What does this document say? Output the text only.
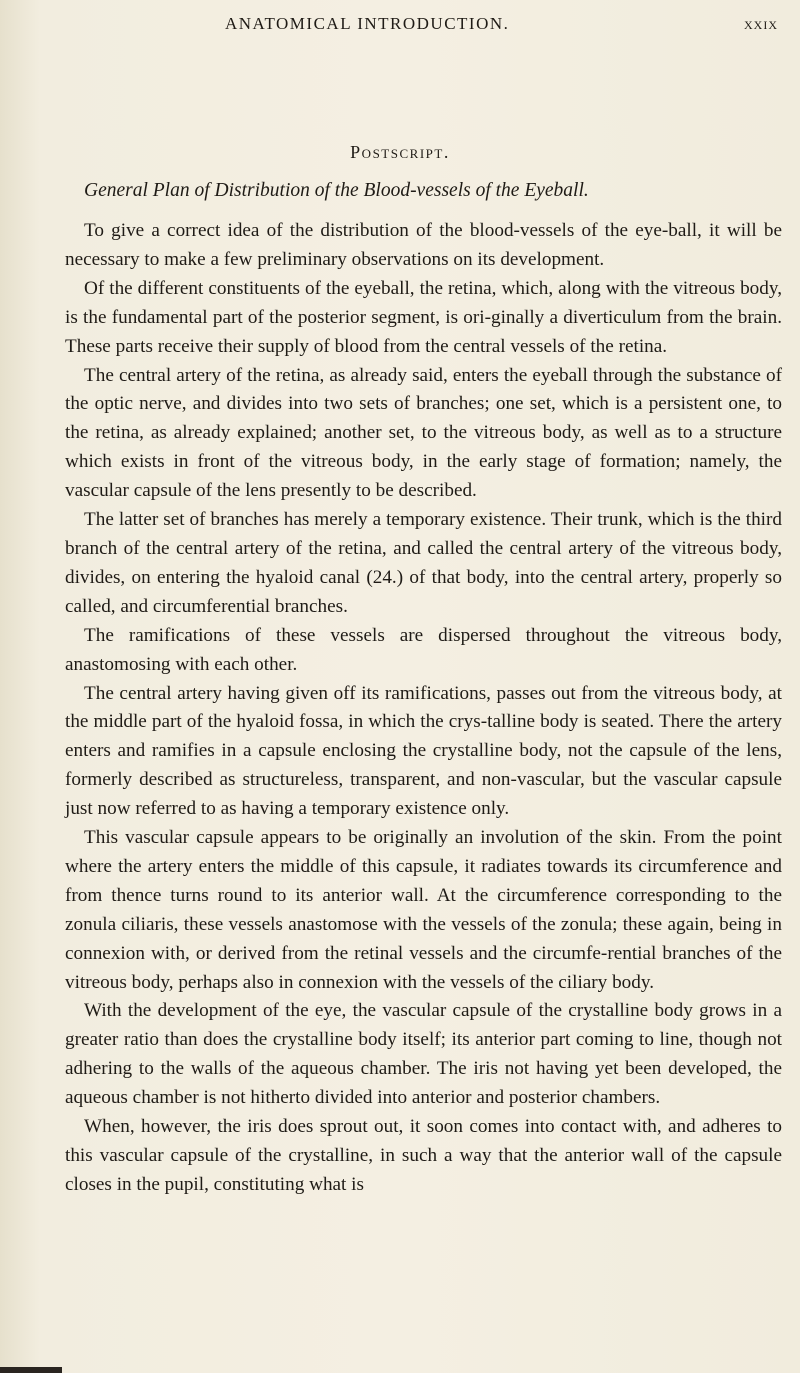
ANATOMICAL INTRODUCTION.	xxix
Postscript.
General Plan of Distribution of the Blood-vessels of the Eyeball.

To give a correct idea of the distribution of the blood-vessels of the eye-ball, it will be necessary to make a few preliminary observations on its development.

Of the different constituents of the eyeball, the retina, which, along with the vitreous body, is the fundamental part of the posterior segment, is ori-ginally a diverticulum from the brain. These parts receive their supply of blood from the central vessels of the retina.

The central artery of the retina, as already said, enters the eyeball through the substance of the optic nerve, and divides into two sets of branches; one set, which is a persistent one, to the retina, as already explained; another set, to the vitreous body, as well as to a structure which exists in front of the vitreous body, in the early stage of formation; namely, the vascular capsule of the lens presently to be described.

The latter set of branches has merely a temporary existence. Their trunk, which is the third branch of the central artery of the retina, and called the central artery of the vitreous body, divides, on entering the hyaloid canal (24.) of that body, into the central artery, properly so called, and circumferential branches.

The ramifications of these vessels are dispersed throughout the vitreous body, anastomosing with each other.

The central artery having given off its ramifications, passes out from the vitreous body, at the middle part of the hyaloid fossa, in which the crys-talline body is seated. There the artery enters and ramifies in a capsule enclosing the crystalline body, not the capsule of the lens, formerly described as structureless, transparent, and non-vascular, but the vascular capsule just now referred to as having a temporary existence only.

This vascular capsule appears to be originally an involution of the skin. From the point where the artery enters the middle of this capsule, it radiates towards its circumference and from thence turns round to its anterior wall. At the circumference corresponding to the zonula ciliaris, these vessels anastomose with the vessels of the zonula; these again, being in connexion with, or derived from the retinal vessels and the circumfe-rential branches of the vitreous body, perhaps also in connexion with the vessels of the ciliary body.

With the development of the eye, the vascular capsule of the crystalline body grows in a greater ratio than does the crystalline body itself; its anterior part coming to line, though not adhering to the walls of the aqueous chamber. The iris not having yet been developed, the aqueous chamber is not hitherto divided into anterior and posterior chambers.

When, however, the iris does sprout out, it soon comes into contact with, and adheres to this vascular capsule of the crystalline, in such a way that the anterior wall of the capsule closes in the pupil, constituting what is
